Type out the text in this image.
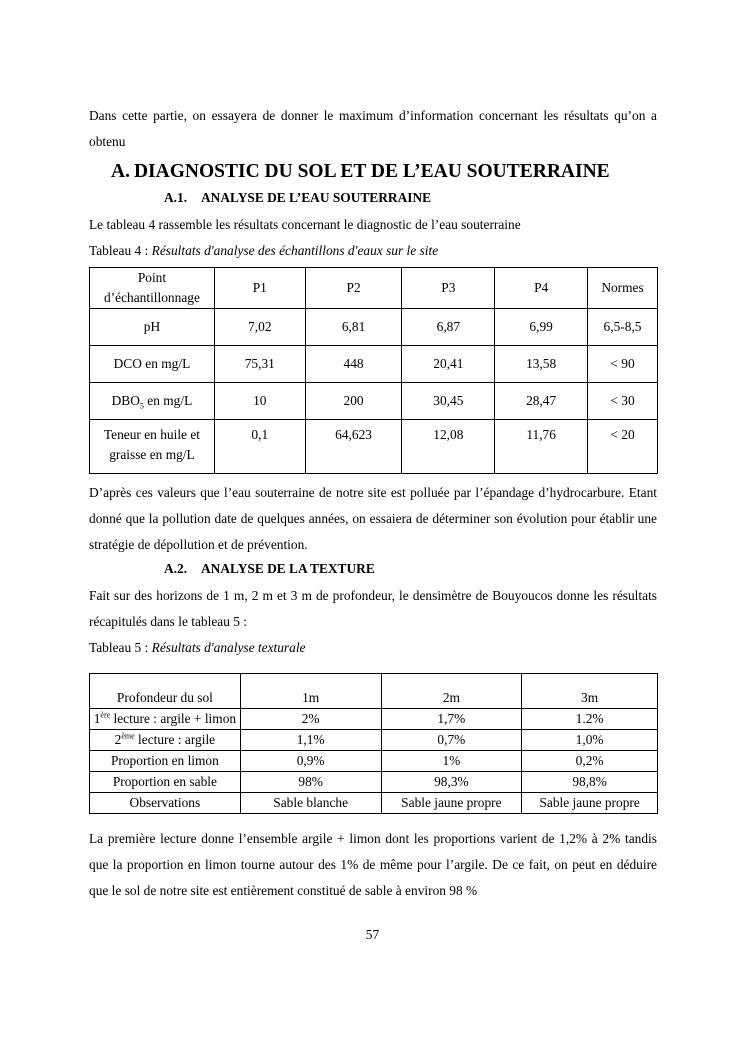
Dans cette partie, on essayera de donner le maximum d’information concernant les résultats qu’on a obtenu

A. DIAGNOSTIC DU SOL ET DE L’EAU SOUTERRAINE
A.1. ANALYSE DE L’EAU SOUTERRAINE

Le tableau 4 rassemble les résultats concernant le diagnostic de l’eau souterraine

Tableau 4 : Résultats d'analyse des échantillons d'eaux sur le site

Point d’échantillonnage	P1	P2	P3	P4	Normes
pH	7,02	6,81	6,87	6,99	6,5-8,5
DCO en mg/L	75,31	448	20,41	13,58	< 90
$DBO_5$ en mg/L	10	200	30,45	28,47	< 30
Teneur en huile et graisse en mg/L	0,1	64,623	12,08	11,76	< 20

D’après ces valeurs que l’eau souterraine de notre site est polluée par l’épandage d’hydrocarbure. Etant donné que la pollution date de quelques années, on essaiera de déterminer son évolution pour établir une stratégie de dépollution et de prévention.

A.2. ANALYSE DE LA TEXTURE

Fait sur des horizons de 1 m, 2 m et 3 m de profondeur, le densimètre de Bouyoucos donne les résultats récapitulés dans le tableau 5 :

Tableau 5 : Résultats d'analyse texturale

Profondeur du sol	1m	2m	3m
1ère lecture : argile + limon	2%	1,7%	1.2%
2ème lecture : argile	1,1%	0,7%	1,0%
Proportion en limon	0,9%	1%	0,2%
Proportion en sable	98%	98,3%	98,8%
Observations	Sable blanche	Sable jaune propre	Sable jaune propre

La première lecture donne l’ensemble argile + limon dont les proportions varient de 1,2% à 2% tandis que la proportion en limon tourne autour des 1% de même pour l’argile. De ce fait, on peut en déduire que le sol de notre site est entièrement constitué de sable à environ 98 %

57
